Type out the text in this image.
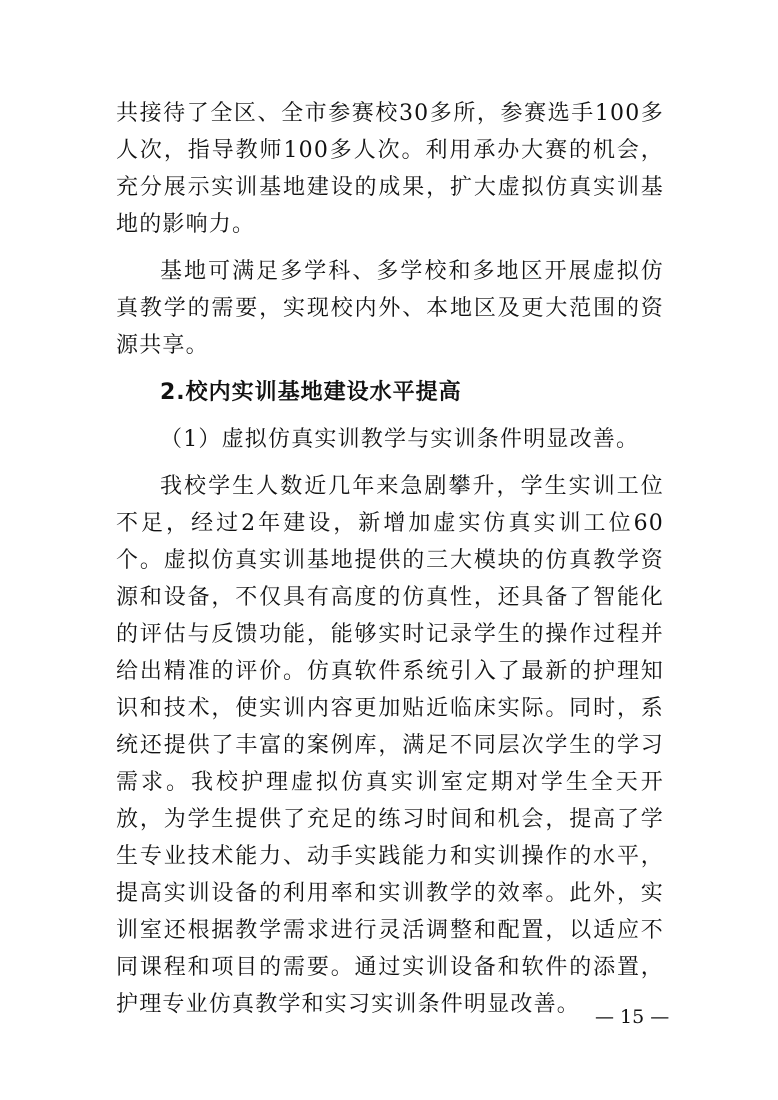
共接待了全区、全市参赛校30多所，参赛选手100多人次，指导教师100多人次。利用承办大赛的机会，充分展示实训基地建设的成果，扩大虚拟仿真实训基地的影响力。

基地可满足多学科、多学校和多地区开展虚拟仿真教学的需要，实现校内外、本地区及更大范围的资源共享。

2.校内实训基地建设水平提高

（1）虚拟仿真实训教学与实训条件明显改善。

我校学生人数近几年来急剧攀升，学生实训工位不足，经过2年建设，新增加虚实仿真实训工位60个。虚拟仿真实训基地提供的三大模块的仿真教学资源和设备，不仅具有高度的仿真性，还具备了智能化的评估与反馈功能，能够实时记录学生的操作过程并给出精准的评价。仿真软件系统引入了最新的护理知识和技术，使实训内容更加贴近临床实际。同时，系统还提供了丰富的案例库，满足不同层次学生的学习需求。我校护理虚拟仿真实训室定期对学生全天开放，为学生提供了充足的练习时间和机会，提高了学生专业技术能力、动手实践能力和实训操作的水平，提高实训设备的利用率和实训教学的效率。此外，实训室还根据教学需求进行灵活调整和配置，以适应不同课程和项目的需要。通过实训设备和软件的添置，护理专业仿真教学和实习实训条件明显改善。 — 15 —
